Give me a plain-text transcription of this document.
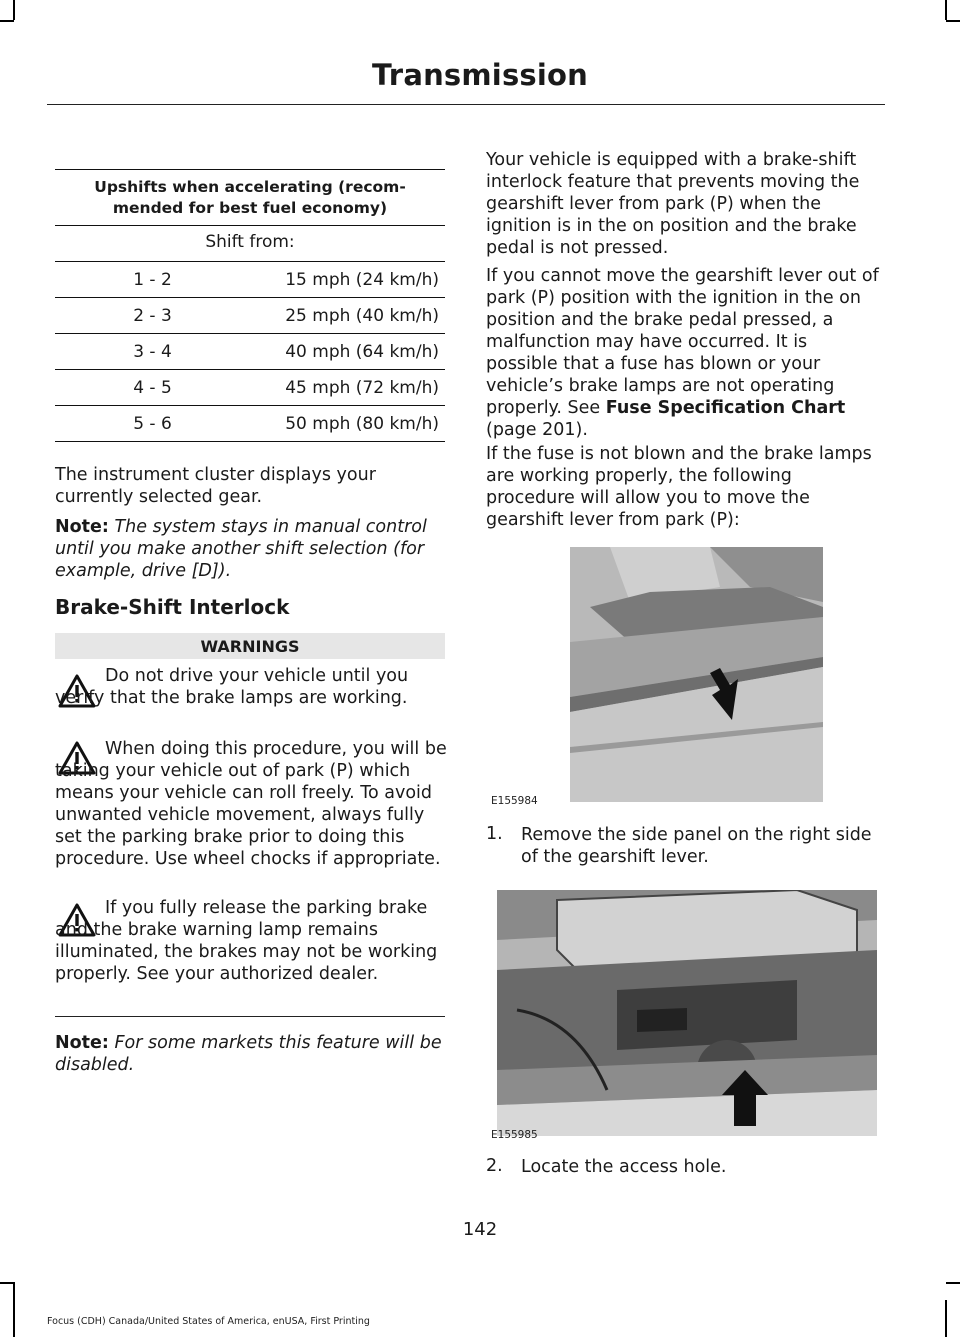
Transmission
Upshifts when accelerating (recom- mended for best fuel economy)	
Shift from:	
1 - 2	15 mph (24 km/h)
2 - 3	25 mph (40 km/h)
3 - 4	40 mph (64 km/h)
4 - 5	45 mph (72 km/h)
5 - 6	50 mph (80 km/h)

The instrument cluster displays your currently selected gear.

Note: The system stays in manual control until you make another shift selection (for example, drive [D]).

Brake-Shift Interlock
WARNINGS

Do not drive your vehicle until you verify that the brake lamps are working.

When doing this procedure, you will be taking your vehicle out of park (P) which means your vehicle can roll freely. To avoid unwanted vehicle movement, always fully set the parking brake prior to doing this procedure. Use wheel chocks if appropriate.

If you fully release the parking brake and the brake warning lamp remains illuminated, the brakes may not be working properly. See your authorized dealer.

Note: For some markets this feature will be disabled.

Your vehicle is equipped with a brake-shift interlock feature that prevents moving the gearshift lever from park (P) when the ignition is in the on position and the brake pedal is not pressed.

If you cannot move the gearshift lever out of park (P) position with the ignition in the on position and the brake pedal pressed, a malfunction may have occurred. It is possible that a fuse has blown or your vehicle’s brake lamps are not operating properly. See Fuse Specification Chart (page 201).

If the fuse is not blown and the brake lamps are working properly, the following procedure will allow you to move the gearshift lever from park (P):

E155984
1. Remove the side panel on the right side of the gearshift lever.

E155985
2. Locate the access hole.

142
Focus (CDH) Canada/United States of America, enUSA, First Printing
